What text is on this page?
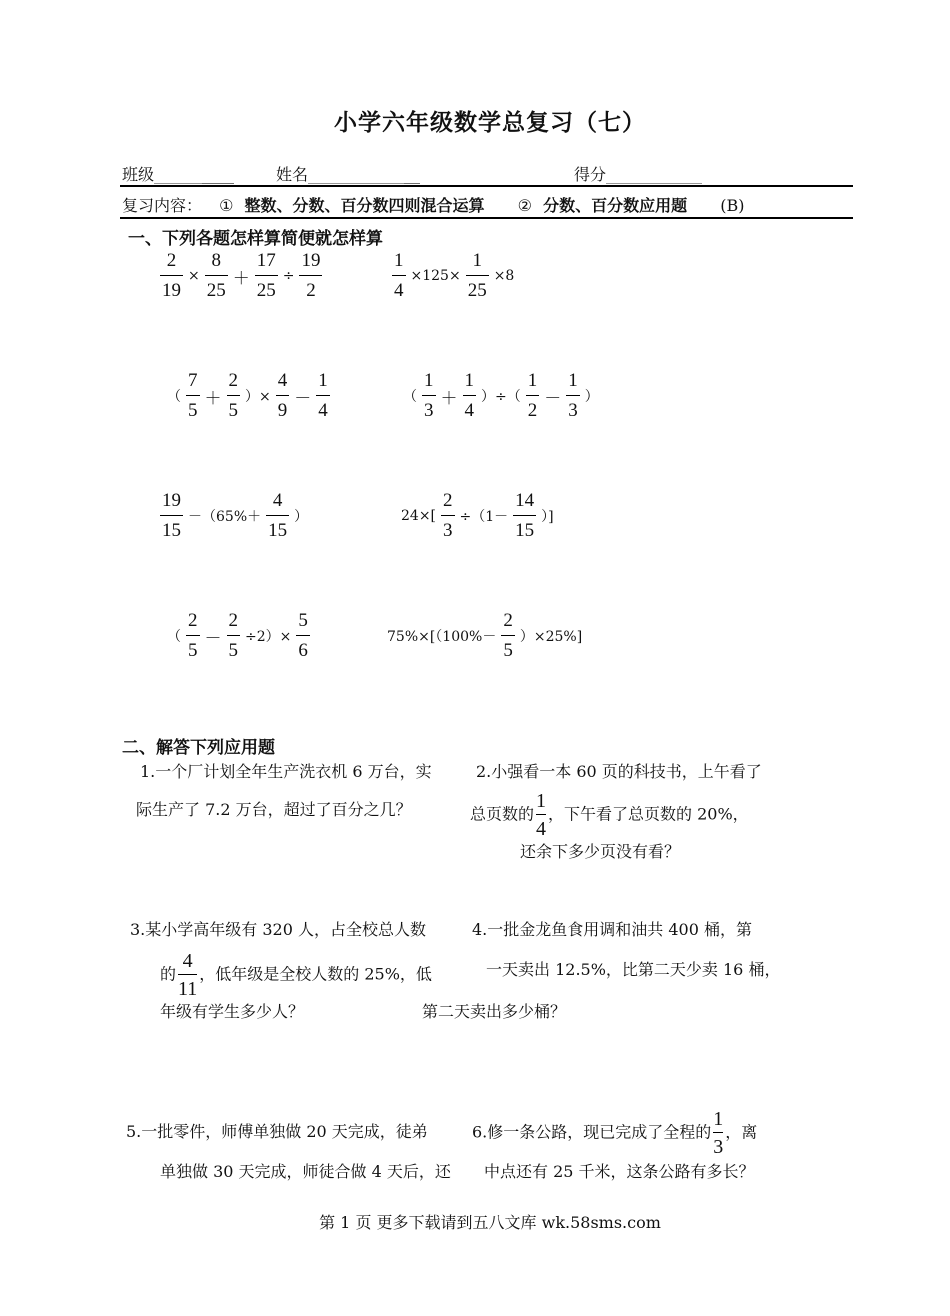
小学六年级数学总复习（七）
班级__________	姓名______________	得分____________
复习内容： ① 整数、分数、百分数四则混合运算 ② 分数、百分数应用题 (B)
一、下列各题怎样算简便就怎样算
$\frac{2}{19} \times \frac{8}{25} + \frac{17}{25} \div \frac{19}{2}$	$\frac{1}{4} \times 125\times \frac{1}{25} \times 8$
（ $\frac{7}{5} + \frac{2}{5}$ ）× $\frac{4}{9} - \frac{1}{4}$	（ $\frac{1}{3} + \frac{1}{4}$ ）÷（ $\frac{1}{2} - \frac{1}{3}$ ）
$\frac{19}{15} -(65\%+ \frac{4}{15}$ ）	$24\times[ \frac{2}{3} \div(1- \frac{14}{15}$ ）]
（ $\frac{2}{5} - \frac{2}{5} \div 2)\times \frac{5}{6}$	$75\%\times[(100\%- \frac{2}{5} )\times 25\%]$
二、解答下列应用题
1.一个厂计划全年生产洗衣机 6 万台，实
际生产了 7.2 万台，超过了百分之几？
2.小强看一本 60 页的科技书，上午看了
总页数的 $\frac{1}{4}$ ，下午看了总页数的 20%，
还余下多少页没有看？
3.某小学高年级有 320 人，占全校总人数
的 $\frac{4}{11}$ ，低年级是全校人数的 25%，低
年级有学生多少人？
4.一批金龙鱼食用调和油共 400 桶，第
一天卖出 12.5%，比第二天少卖 16 桶，
第二天卖出多少桶？
5.一批零件，师傅单独做 20 天完成，徒弟
单独做 30 天完成，师徒合做 4 天后，还
6.修一条公路，现已完成了全程的 $\frac{1}{3}$ ，离
中点还有 25 千米，这条公路有多长？
第 1 页 更多下载请到五八文库 wk.58sms.com
